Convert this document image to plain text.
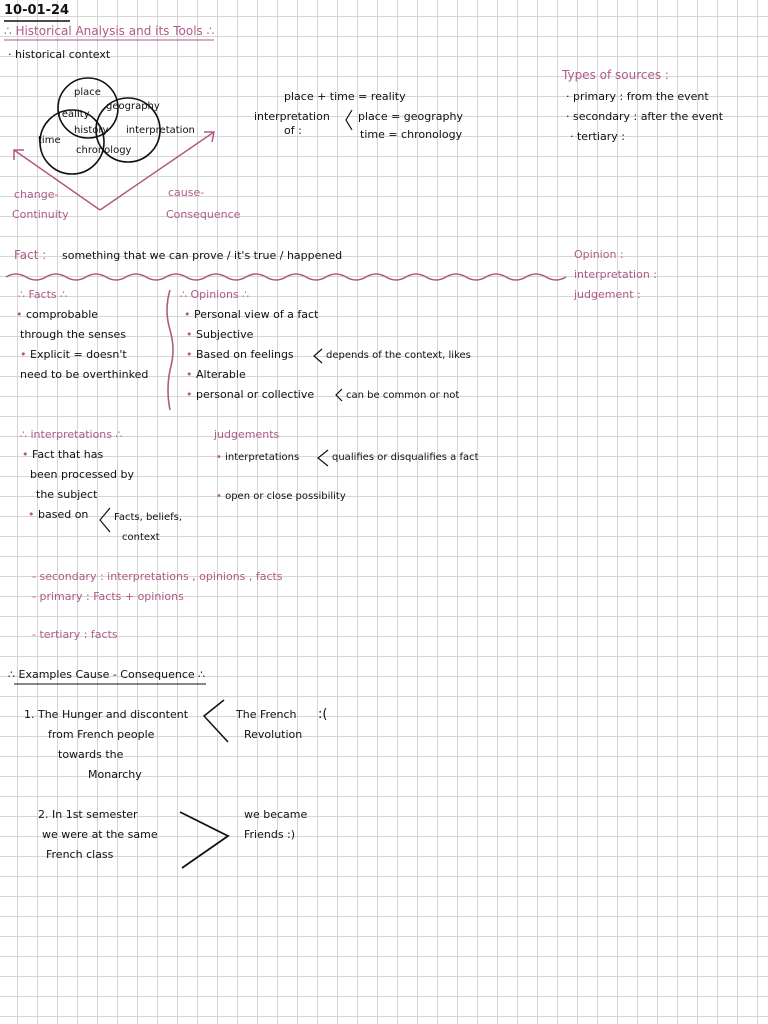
10-01-24
∴ Historical Analysis and its Tools ∴
· historical context
place
geography
reality
history
time
chronology
interpretation
change-
Continuity
cause-
Consequence
place + time = reality
interpretation
of :
place = geography
time = chronology
Types of sources :
· primary : from the event
· secondary : after the event
· tertiary :
Fact : something that we can prove / it's true / happened	Opinion :
interpretation :
judgement :
∴ Facts ∴
• comprobable
through the senses
• Explicit = doesn't
need to be overthinked
∴ Opinions ∴
• Personal view of a fact
• Subjective
• Based on feelings	depends of the context, likes
• Alterable
• personal or collective	can be common or not
∴ interpretations ∴
• Fact that has
been processed by
the subject
• based on	Facts, beliefs,
context
judgements
• interpretations	qualifies or disqualifies a fact
• open or close possibility
- secondary : interpretations , opinions , facts
- primary : Facts + opinions
- tertiary : facts
∴ Examples Cause - Consequence ∴
1. The Hunger and discontent
from French people
towards the
Monarchy
The French
Revolution
:(
2. In 1st semester
we were at the same
French class
we became
Friends :)
